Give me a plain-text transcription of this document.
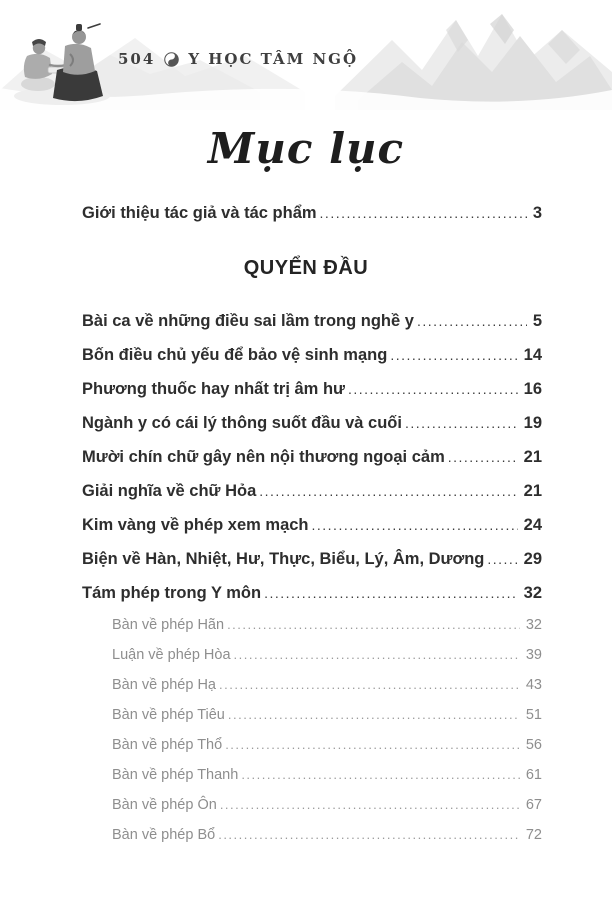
504 Y HỌC TÂM NGỘ
Mục lục
Giới thiệu tác giả và tác phẩm .....	3
QUYỂN ĐẦU
Bài ca về những điều sai lầm trong nghề y .....	5
Bốn điều chủ yếu để bảo vệ sinh mạng .....	14
Phương thuốc hay nhất trị âm hư .....	16
Ngành y có cái lý thông suốt đầu và cuối .....	19
Mười chín chữ gây nên nội thương ngoại cảm .....	21
Giải nghĩa về chữ Hỏa .....	21
Kim vàng về phép xem mạch .....	24
Biện về Hàn, Nhiệt, Hư, Thực, Biểu, Lý, Âm, Dương ..... 29
Tám phép trong Y môn .....	32
Bàn về phép Hãn .....	32
Luận về phép Hòa .....	39
Bàn về phép Hạ .....	43
Bàn về phép Tiêu .....	51
Bàn về phép Thổ .....	56
Bàn về phép Thanh .....	61
Bàn về phép Ôn .....	67
Bàn về phép Bổ .....	72
